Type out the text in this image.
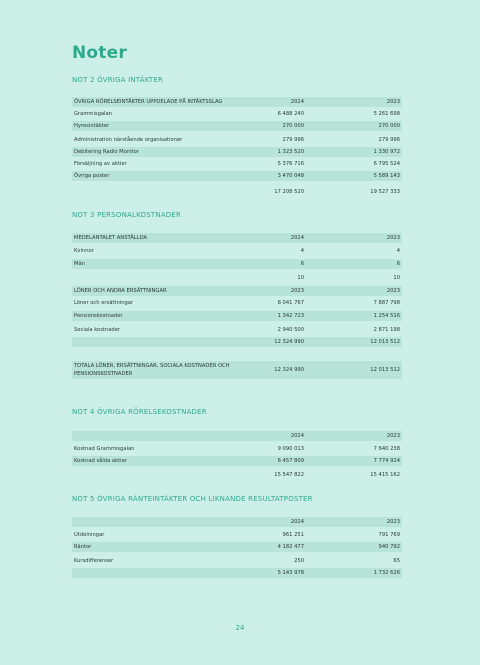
Noter
NOT 2 ÖVRIGA INTÄKTER
ÖVRIGA RÖRELSEINTÄKTER UPPDELADE PÅ INTÄKTSSLAG	2024	2023
Grammisgalan	6 488 240	5 261 698
Hyresintäkter	270 000	270 000
Administration närstående organisationer	279 996	279 996
Debitering Radio Monitor	1 323 520	1 330 972
Försäljning av aktier	5 376 716	6 795 524
Övriga poster	3 470 048	5 589 143
17 208 520	19 527 333
NOT 3 PERSONALKOSTNADER
MEDELANTALET ANSTÄLLDA	2024	2023
Kvinnor	4	4
Män	6	6
10	10
LÖNER OCH ANDRA ERSÄTTNINGAR	2023	2023
Löner och ersättningar	8 041 767	7 887 798
Pensionskostnader	1 342 723	1 254 516
Sociala kostnader	2 940 500	2 871 198
12 324 990	12 013 512
TOTALA LÖNER, ERSÄTTNINGAR, SOCIALA KOSTNADER OCH PENSIONSKOSTNADER
12 324 990	12 013 512
NOT 4 ÖVRIGA RÖRELSEKOSTNADER
2024	2023
Kostnad Grammisgalan	9 090 013	7 640 238
Kostnad sålda aktier	6 457 809	7 774 924
15 547 822	15 415 162
NOT 5 ÖVRIGA RÄNTEINTÄKTER OCH LIKNANDE RESULTATPOSTER
2024	2023
Utdelningar	961 251	791 769
Räntor	4 182 477	940 792
Kursdifferenser	250	65
5 143 978	1 732 626
24
